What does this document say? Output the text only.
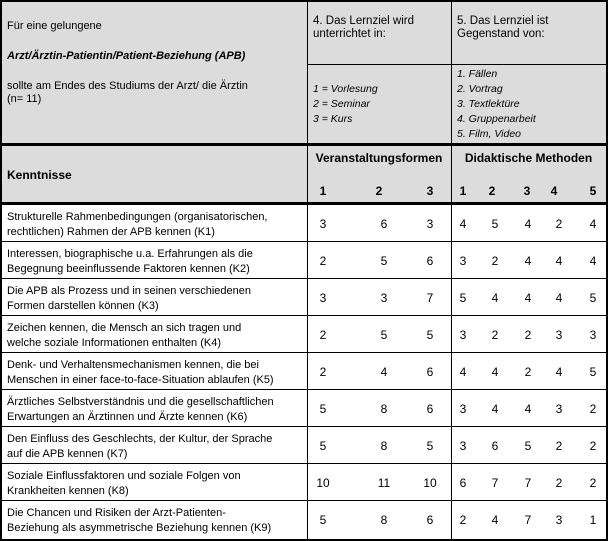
Für eine gelungene

Arzt/Ärztin-Patientin/Patient-Beziehung (APB)

sollte am Endes des Studiums der Arzt/ die Ärztin

(n= 11)

4. Das Lernziel wird
unterrichtet in:
5. Das Lernziel ist
Gegenstand von:
1 = Vorlesung
2 = Seminar
3 = Kurs
1. Fällen
2. Vortrag
3. Textlektüre
4. Gruppenarbeit
5. Film, Video
Kenntnisse
Veranstaltungsformen	Didaktische Methoden
1	2	3	1	2	3	4	5
Strukturelle Rahmenbedingungen (organisatorischen,
rechtlichen) Rahmen der APB kennen (K1)
3	6	3	4	5	4	2	4
Interessen, biographische u.a. Erfahrungen als die
Begegnung beeinflussende Faktoren kennen (K2)
2	5	6	3	2	4	4	4
Die APB als Prozess und in seinen verschiedenen
Formen darstellen können (K3)
3	3	7	5	4	4	4	5
Zeichen kennen, die Mensch an sich tragen und
welche soziale Informationen enthalten (K4)
2	5	5	3	2	2	3	3
Denk- und Verhaltensmechanismen kennen, die bei
Menschen in einer face-to-face-Situation ablaufen (K5)
2	4	6	4	4	2	4	5
Ärztliches Selbstverständnis und die gesellschaftlichen
Erwartungen an Ärztinnen und Ärzte kennen (K6)
5	8	6	3	4	4	3	2
Den Einfluss des Geschlechts, der Kultur, der Sprache
auf die APB kennen (K7)
5	8	5	3	6	5	2	2
Soziale Einflussfaktoren und soziale Folgen von
Krankheiten kennen (K8)
10	11	10	6	7	7	2	2
Die Chancen und Risiken der Arzt-Patienten-
Beziehung als asymmetrische Beziehung kennen (K9)
5	8	6	2	4	7	3	1
